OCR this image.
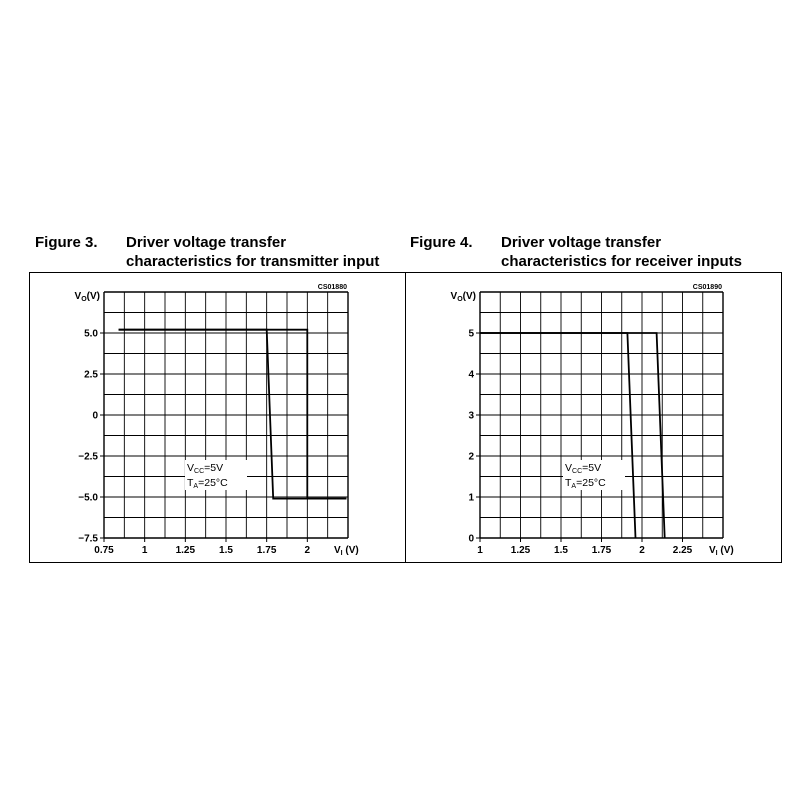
Figure 3. Driver voltage transfer
characteristics for transmitter input
Figure 4. Driver voltage transfer
characteristics for receiver inputs
−7.5
−5.0
−2.5
0
2.5
5.0
0.75	1	1.25 1.5 1.75	2
$V_O(V)$
$V_I$ (V)
CS01880
VCC=5V
TA=25°C
0
1
2
3
4
5
1	1.25 1.5 1.75	2	2.25
$V_O(V)$
$V_I$ (V)
CS01890
VCC=5V
TA=25°C
